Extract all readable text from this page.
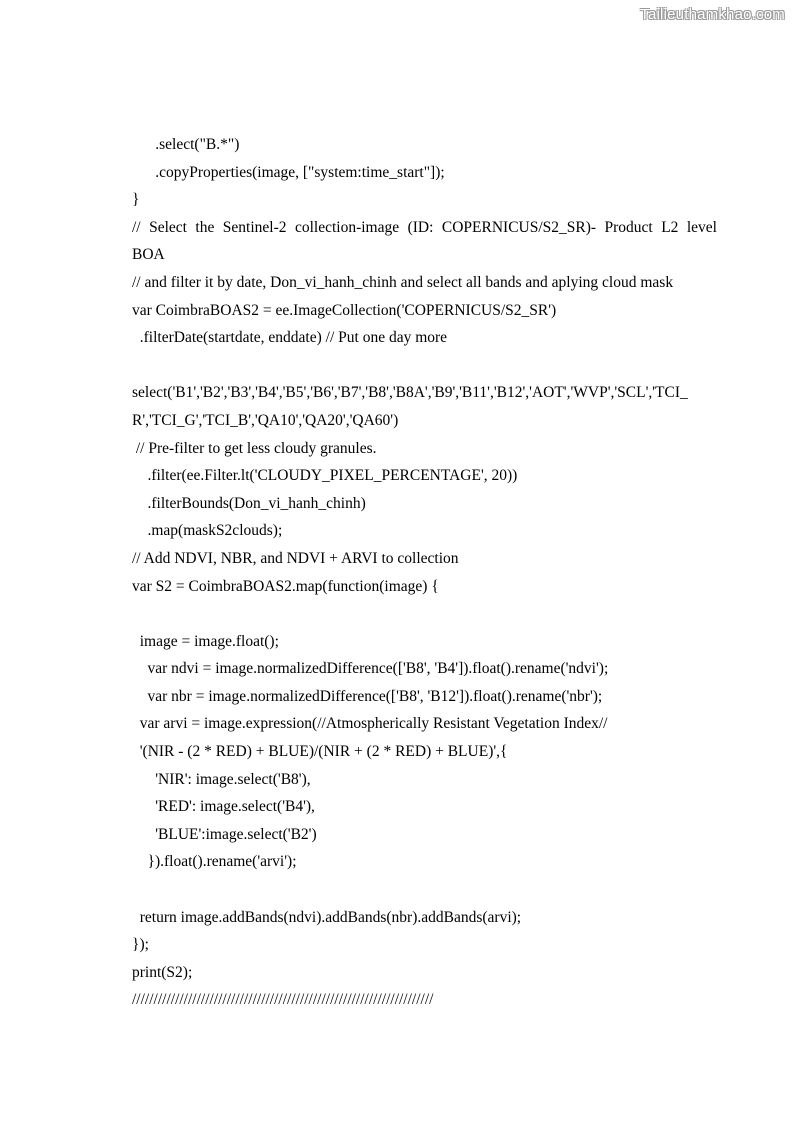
Tailieuthamkhao.com
.select("B.*")
.copyProperties(image, ["system:time_start"]);
}
// Select the Sentinel-2 collection-image (ID: COPERNICUS/S2_SR)- Product L2 level
BOA
// and filter it by date, Don_vi_hanh_chinh and select all bands and aplying cloud mask
var CoimbraBOAS2 = ee.ImageCollection('COPERNICUS/S2_SR')
.filterDate(startdate, enddate) // Put one day more
select('B1','B2','B3','B4','B5','B6','B7','B8','B8A','B9','B11','B12','AOT','WVP','SCL','TCI_
R','TCI_G','TCI_B','QA10','QA20','QA60')
// Pre-filter to get less cloudy granules.
.filter(ee.Filter.lt('CLOUDY_PIXEL_PERCENTAGE', 20))
.filterBounds(Don_vi_hanh_chinh)
.map(maskS2clouds);
// Add NDVI, NBR, and NDVI + ARVI to collection
var S2 = CoimbraBOAS2.map(function(image) {
image = image.float();
var ndvi = image.normalizedDifference(['B8', 'B4']).float().rename('ndvi');
var nbr = image.normalizedDifference(['B8', 'B12']).float().rename('nbr');
var arvi = image.expression(//Atmospherically Resistant Vegetation Index//
'(NIR - (2 * RED) + BLUE)/(NIR + (2 * RED) + BLUE)',{
'NIR': image.select('B8'),
'RED': image.select('B4'),
'BLUE':image.select('B2')
}).float().rename('arvi');
return image.addBands(ndvi).addBands(nbr).addBands(arvi);
});
print(S2);
//////////////////////////////////////////////////////////////////////
